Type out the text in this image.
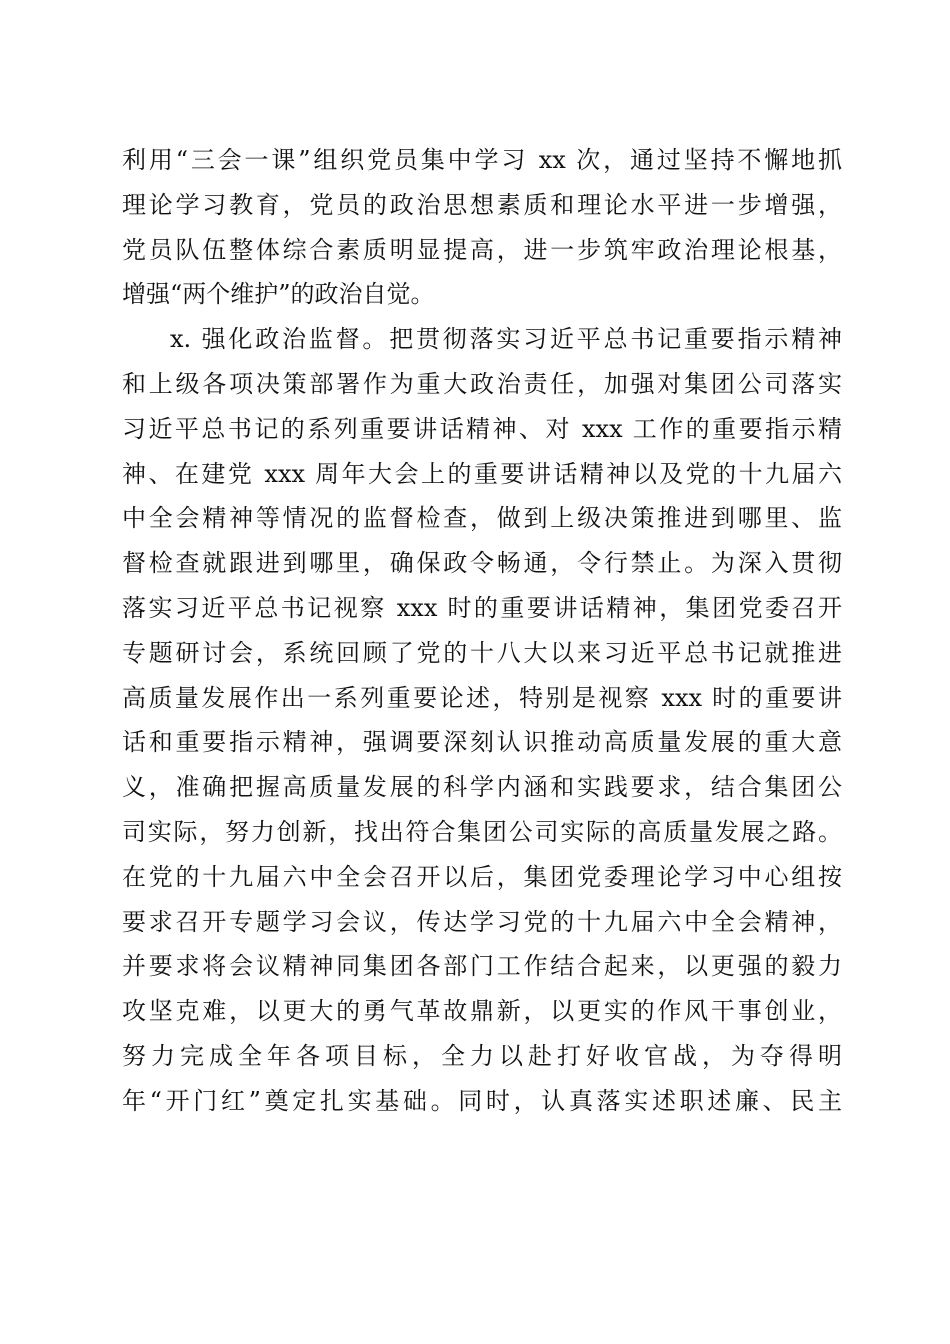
利用“三会一课”组织党员集中学习 xx 次，通过坚持不懈地抓
理论学习教育，党员的政治思想素质和理论水平进一步增强，
党员队伍整体综合素质明显提高，进一步筑牢政治理论根基，
增强“两个维护”的政治自觉。
x. 强化政治监督。把贯彻落实习近平总书记重要指示精神
和上级各项决策部署作为重大政治责任，加强对集团公司落实
习近平总书记的系列重要讲话精神、对 xxx 工作的重要指示精
神、在建党 xxx 周年大会上的重要讲话精神以及党的十九届六
中全会精神等情况的监督检查，做到上级决策推进到哪里、监
督检查就跟进到哪里，确保政令畅通，令行禁止。为深入贯彻
落实习近平总书记视察 xxx 时的重要讲话精神，集团党委召开
专题研讨会，系统回顾了党的十八大以来习近平总书记就推进
高质量发展作出一系列重要论述，特别是视察 xxx 时的重要讲
话和重要指示精神，强调要深刻认识推动高质量发展的重大意
义，准确把握高质量发展的科学内涵和实践要求，结合集团公
司实际，努力创新，找出符合集团公司实际的高质量发展之路。
在党的十九届六中全会召开以后，集团党委理论学习中心组按
要求召开专题学习会议，传达学习党的十九届六中全会精神，
并要求将会议精神同集团各部门工作结合起来，以更强的毅力
攻坚克难，以更大的勇气革故鼎新，以更实的作风干事创业，
努力完成全年各项目标，全力以赴打好收官战，为夺得明
年“开门红”奠定扎实基础。同时，认真落实述职述廉、民主
